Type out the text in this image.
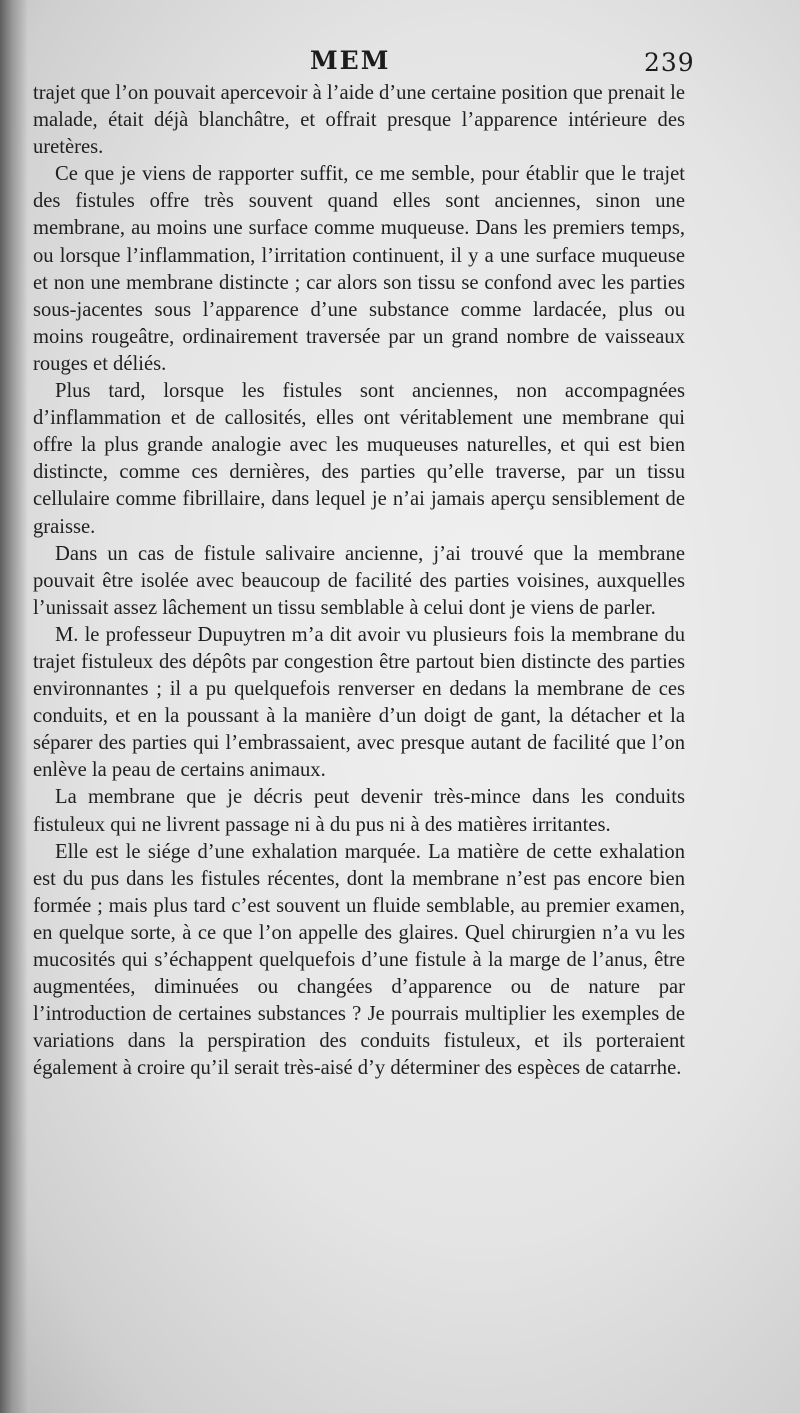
MEM	239

trajet que l’on pouvait apercevoir à l’aide d’une certaine position que prenait le malade, était déjà blanchâtre, et offrait presque l’apparence intérieure des uretères.

Ce que je viens de rapporter suffit, ce me semble, pour établir que le trajet des fistules offre très souvent quand elles sont anciennes, sinon une membrane, au moins une surface comme muqueuse. Dans les premiers temps, ou lorsque l’inflammation, l’irritation continuent, il y a une surface muqueuse et non une membrane distincte ; car alors son tissu se confond avec les parties sous-jacentes sous l’apparence d’une substance comme lardacée, plus ou moins rougeâtre, ordinairement traversée par un grand nombre de vaisseaux rouges et déliés.

Plus tard, lorsque les fistules sont anciennes, non accompagnées d’inflammation et de callosités, elles ont véritablement une membrane qui offre la plus grande analogie avec les muqueuses naturelles, et qui est bien distincte, comme ces dernières, des parties qu’elle traverse, par un tissu cellulaire comme fibrillaire, dans lequel je n’ai jamais aperçu sensiblement de graisse.

Dans un cas de fistule salivaire ancienne, j’ai trouvé que la membrane pouvait être isolée avec beaucoup de facilité des parties voisines, auxquelles l’unissait assez lâchement un tissu semblable à celui dont je viens de parler.

M. le professeur Dupuytren m’a dit avoir vu plusieurs fois la membrane du trajet fistuleux des dépôts par congestion être partout bien distincte des parties environnantes ; il a pu quelquefois renverser en dedans la membrane de ces conduits, et en la poussant à la manière d’un doigt de gant, la détacher et la séparer des parties qui l’embrassaient, avec presque autant de facilité que l’on enlève la peau de certains animaux.

La membrane que je décris peut devenir très-mince dans les conduits fistuleux qui ne livrent passage ni à du pus ni à des matières irritantes.

Elle est le siége d’une exhalation marquée. La matière de cette exhalation est du pus dans les fistules récentes, dont la membrane n’est pas encore bien formée ; mais plus tard c’est souvent un fluide semblable, au premier examen, en quelque sorte, à ce que l’on appelle des glaires. Quel chirurgien n’a vu les mucosités qui s’échappent quelquefois d’une fistule à la marge de l’anus, être augmentées, diminuées ou changées d’apparence ou de nature par l’introduction de certaines substances ? Je pourrais multiplier les exemples de variations dans la perspiration des conduits fistuleux, et ils porteraient également à croire qu’il serait très-aisé d’y déterminer des espèces de catarrhe.
